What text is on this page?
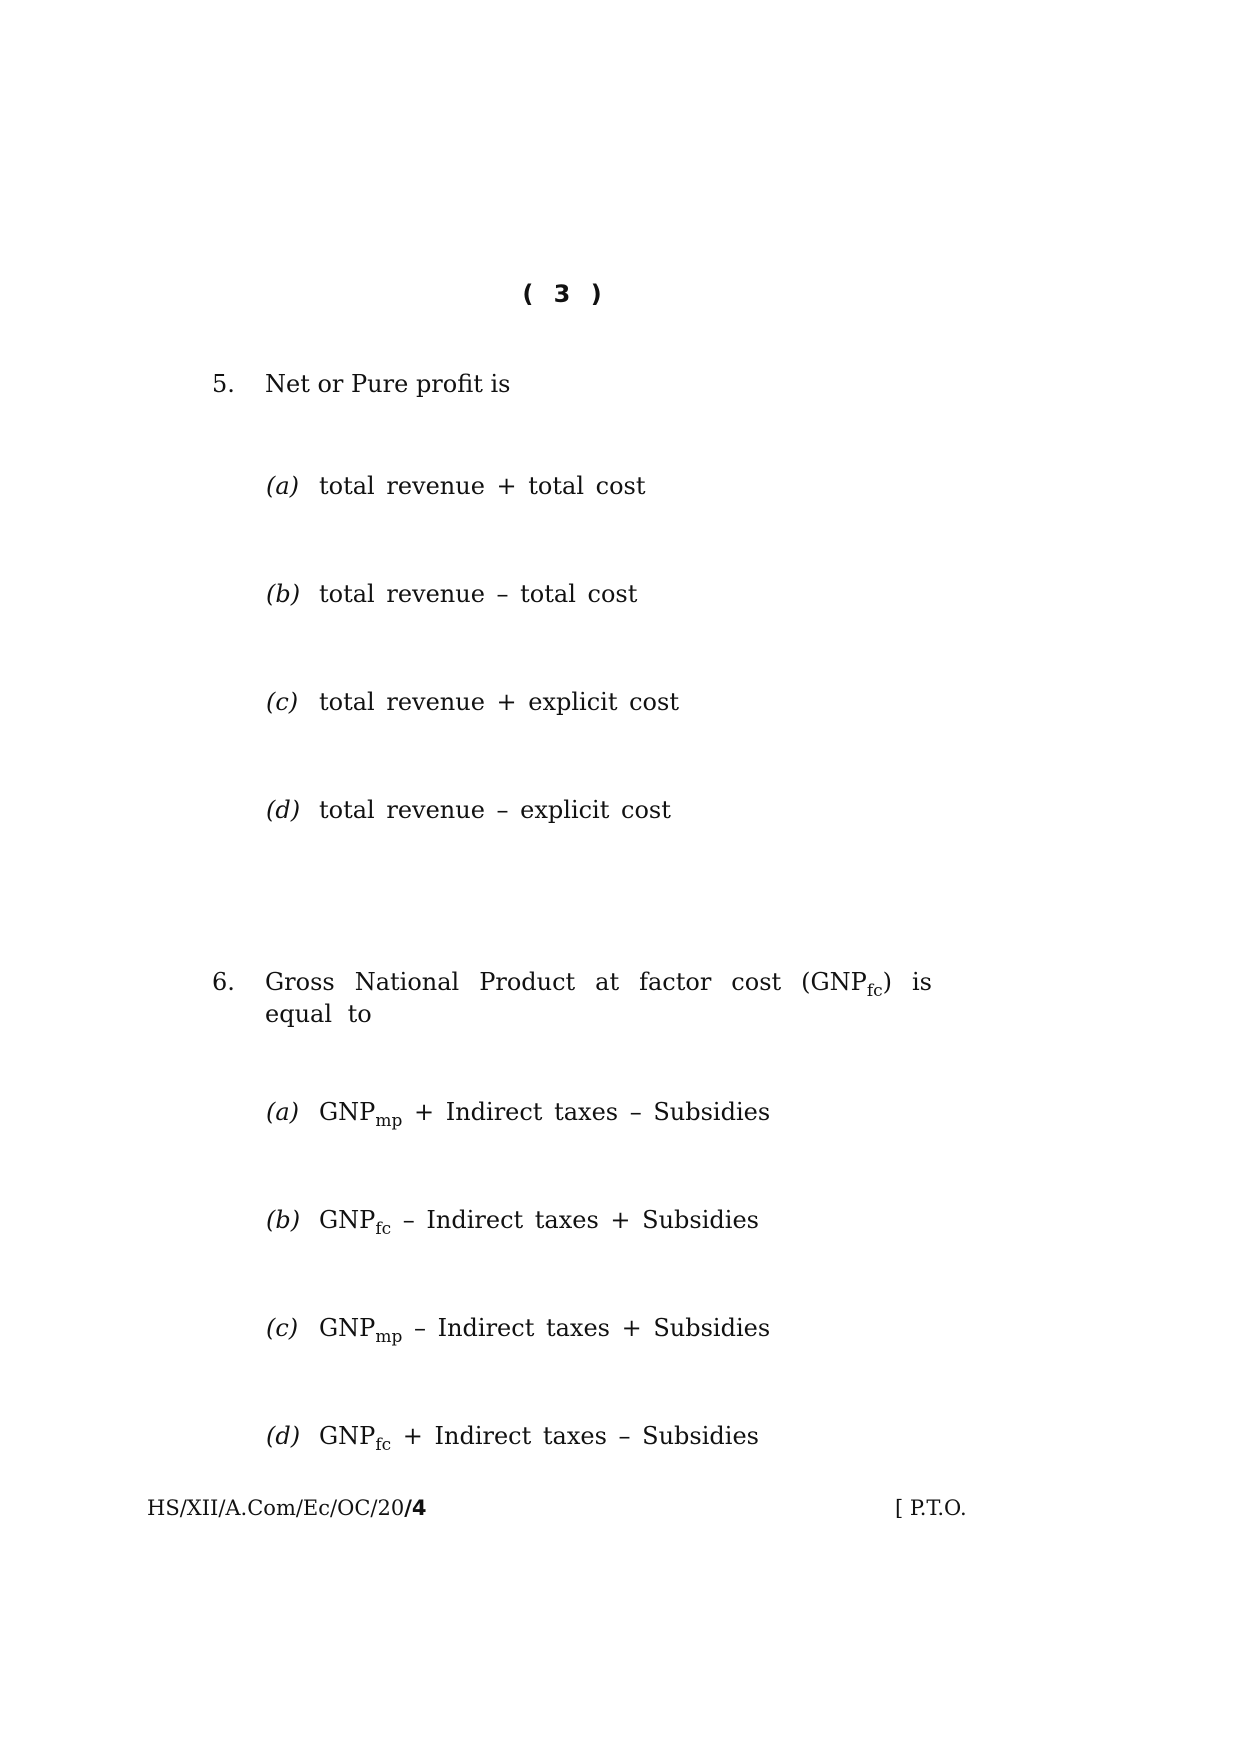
( 3 )
5. Net or Pure profit is
(a) total revenue + total cost
(b) total revenue – total cost
(c) total revenue + explicit cost
(d) total revenue – explicit cost
6. Gross National Product at factor cost $(GNP_{fc})$ is
equal to
(a) $GNP_{mp}$ + Indirect taxes – Subsidies
(b) $GNP_{fc}$ – Indirect taxes + Subsidies
(c) $GNP_{mp}$ – Indirect taxes + Subsidies
(d) $GNP_{fc}$ + Indirect taxes – Subsidies
HS/XII/A.Com/Ec/OC/20/4	[ P.T.O.
